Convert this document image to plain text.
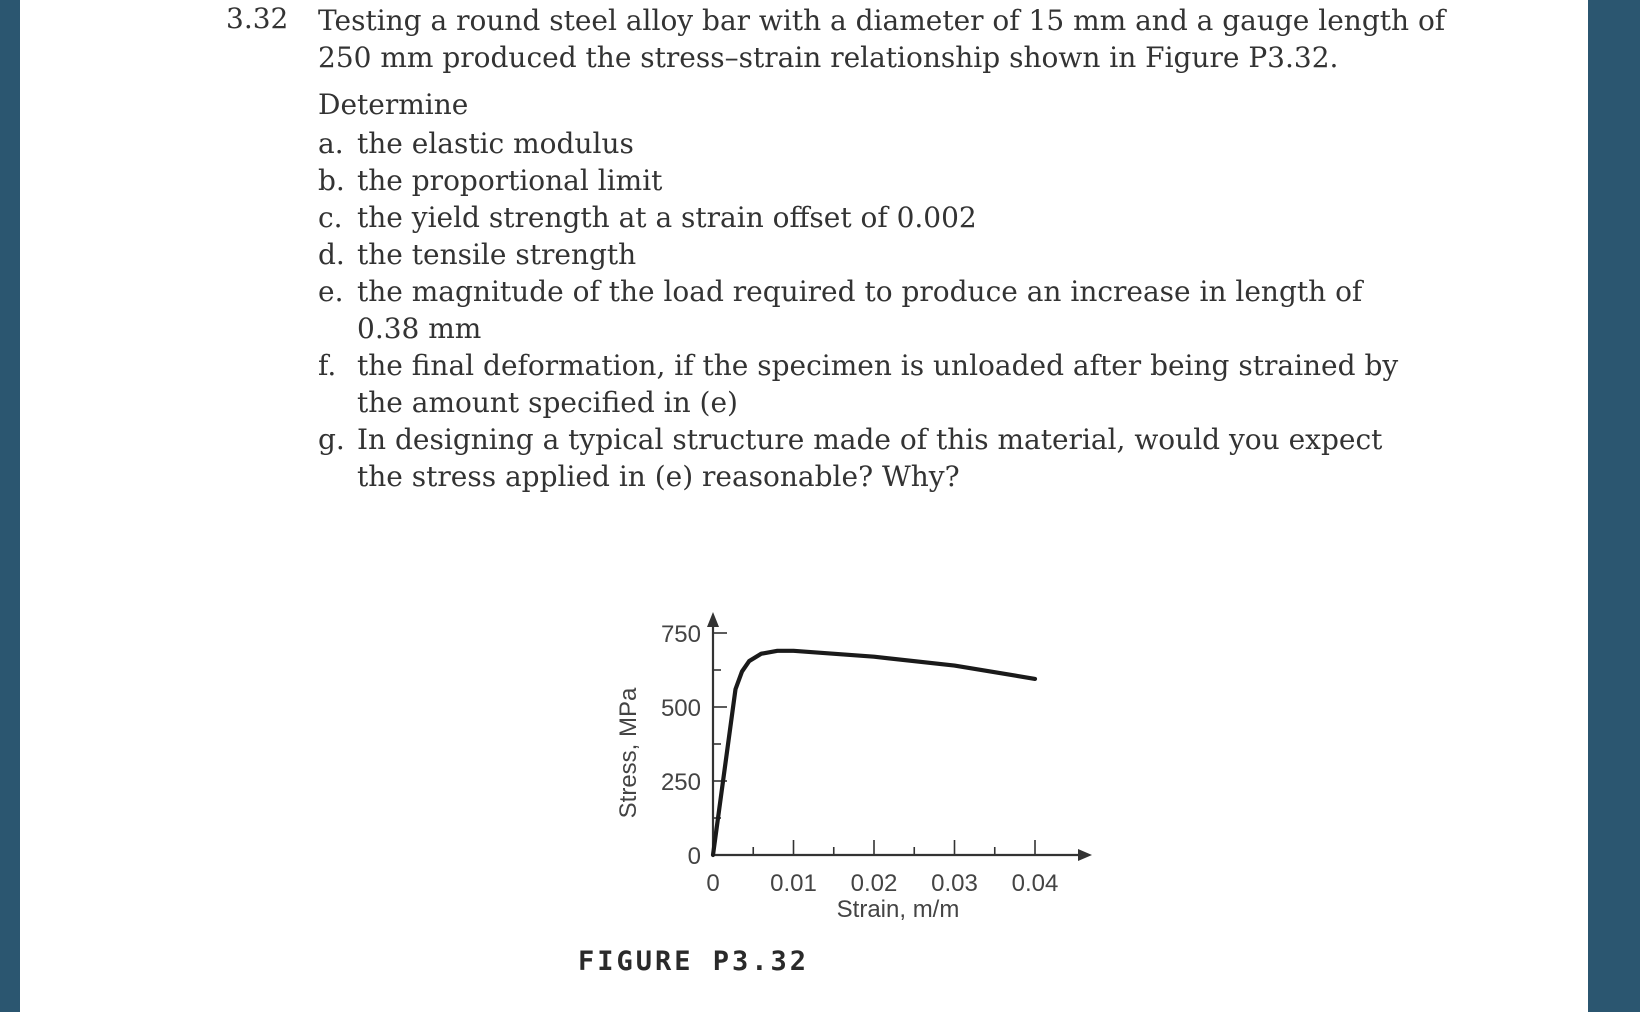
3.32 Testing a round steel alloy bar with a diameter of 15 mm and a gauge length of
250 mm produced the stress–strain relationship shown in Figure P3.32.
Determine
a. the elastic modulus
b. the proportional limit
c. the yield strength at a strain offset of 0.002
d. the tensile strength
e. the magnitude of the load required to produce an increase in length of
0.38 mm
f. the final deformation, if the specimen is unloaded after being strained by
the amount specified in (e)
g. In designing a typical structure made of this material, would you expect
the stress applied in (e) reasonable? Why?
0 0.01 0.02 0.03 0.04
0
250
500
750
Strain, m/m
Stress, MPa
FIGURE P3.32
